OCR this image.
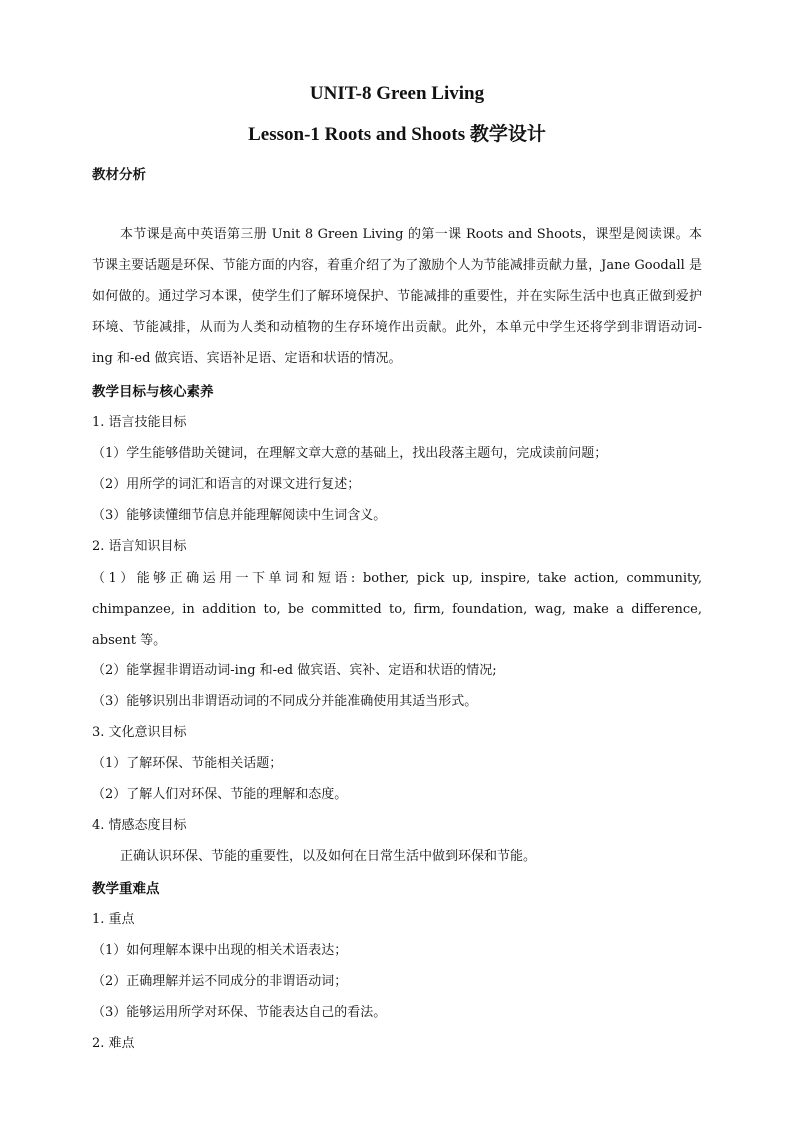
UNIT-8 Green Living
Lesson-1 Roots and Shoots 教学设计
教材分析

本节课是高中英语第三册 Unit 8 Green Living 的第一课 Roots and Shoots，课型是阅读课。本节课主要话题是环保、节能方面的内容，着重介绍了为了激励个人为节能减排贡献力量，Jane Goodall 是如何做的。通过学习本课，使学生们了解环境保护、节能减排的重要性，并在实际生活中也真正做到爱护环境、节能减排，从而为人类和动植物的生存环境作出贡献。此外，本单元中学生还将学到非谓语动词-ing 和-ed 做宾语、宾语补足语、定语和状语的情况。

教学目标与核心素养
1. 语言技能目标
（1）学生能够借助关键词，在理解文章大意的基础上，找出段落主题句，完成读前问题；
（2）用所学的词汇和语言的对课文进行复述；
（3）能够读懂细节信息并能理解阅读中生词含义。
2. 语言知识目标
（1）能够正确运用一下单词和短语: bother, pick up, inspire, take action, community, chimpanzee, in addition to, be committed to, firm, foundation, wag, make a difference, absent 等。
（2）能掌握非谓语动词-ing 和-ed 做宾语、宾补、定语和状语的情况;
（3）能够识别出非谓语动词的不同成分并能准确使用其适当形式。
3. 文化意识目标
（1）了解环保、节能相关话题；
（2）了解人们对环保、节能的理解和态度。
4. 情感态度目标
正确认识环保、节能的重要性，以及如何在日常生活中做到环保和节能。
教学重难点
1. 重点
（1）如何理解本课中出现的相关术语表达；
（2）正确理解并运不同成分的非谓语动词；
（3）能够运用所学对环保、节能表达自己的看法。
2. 难点
